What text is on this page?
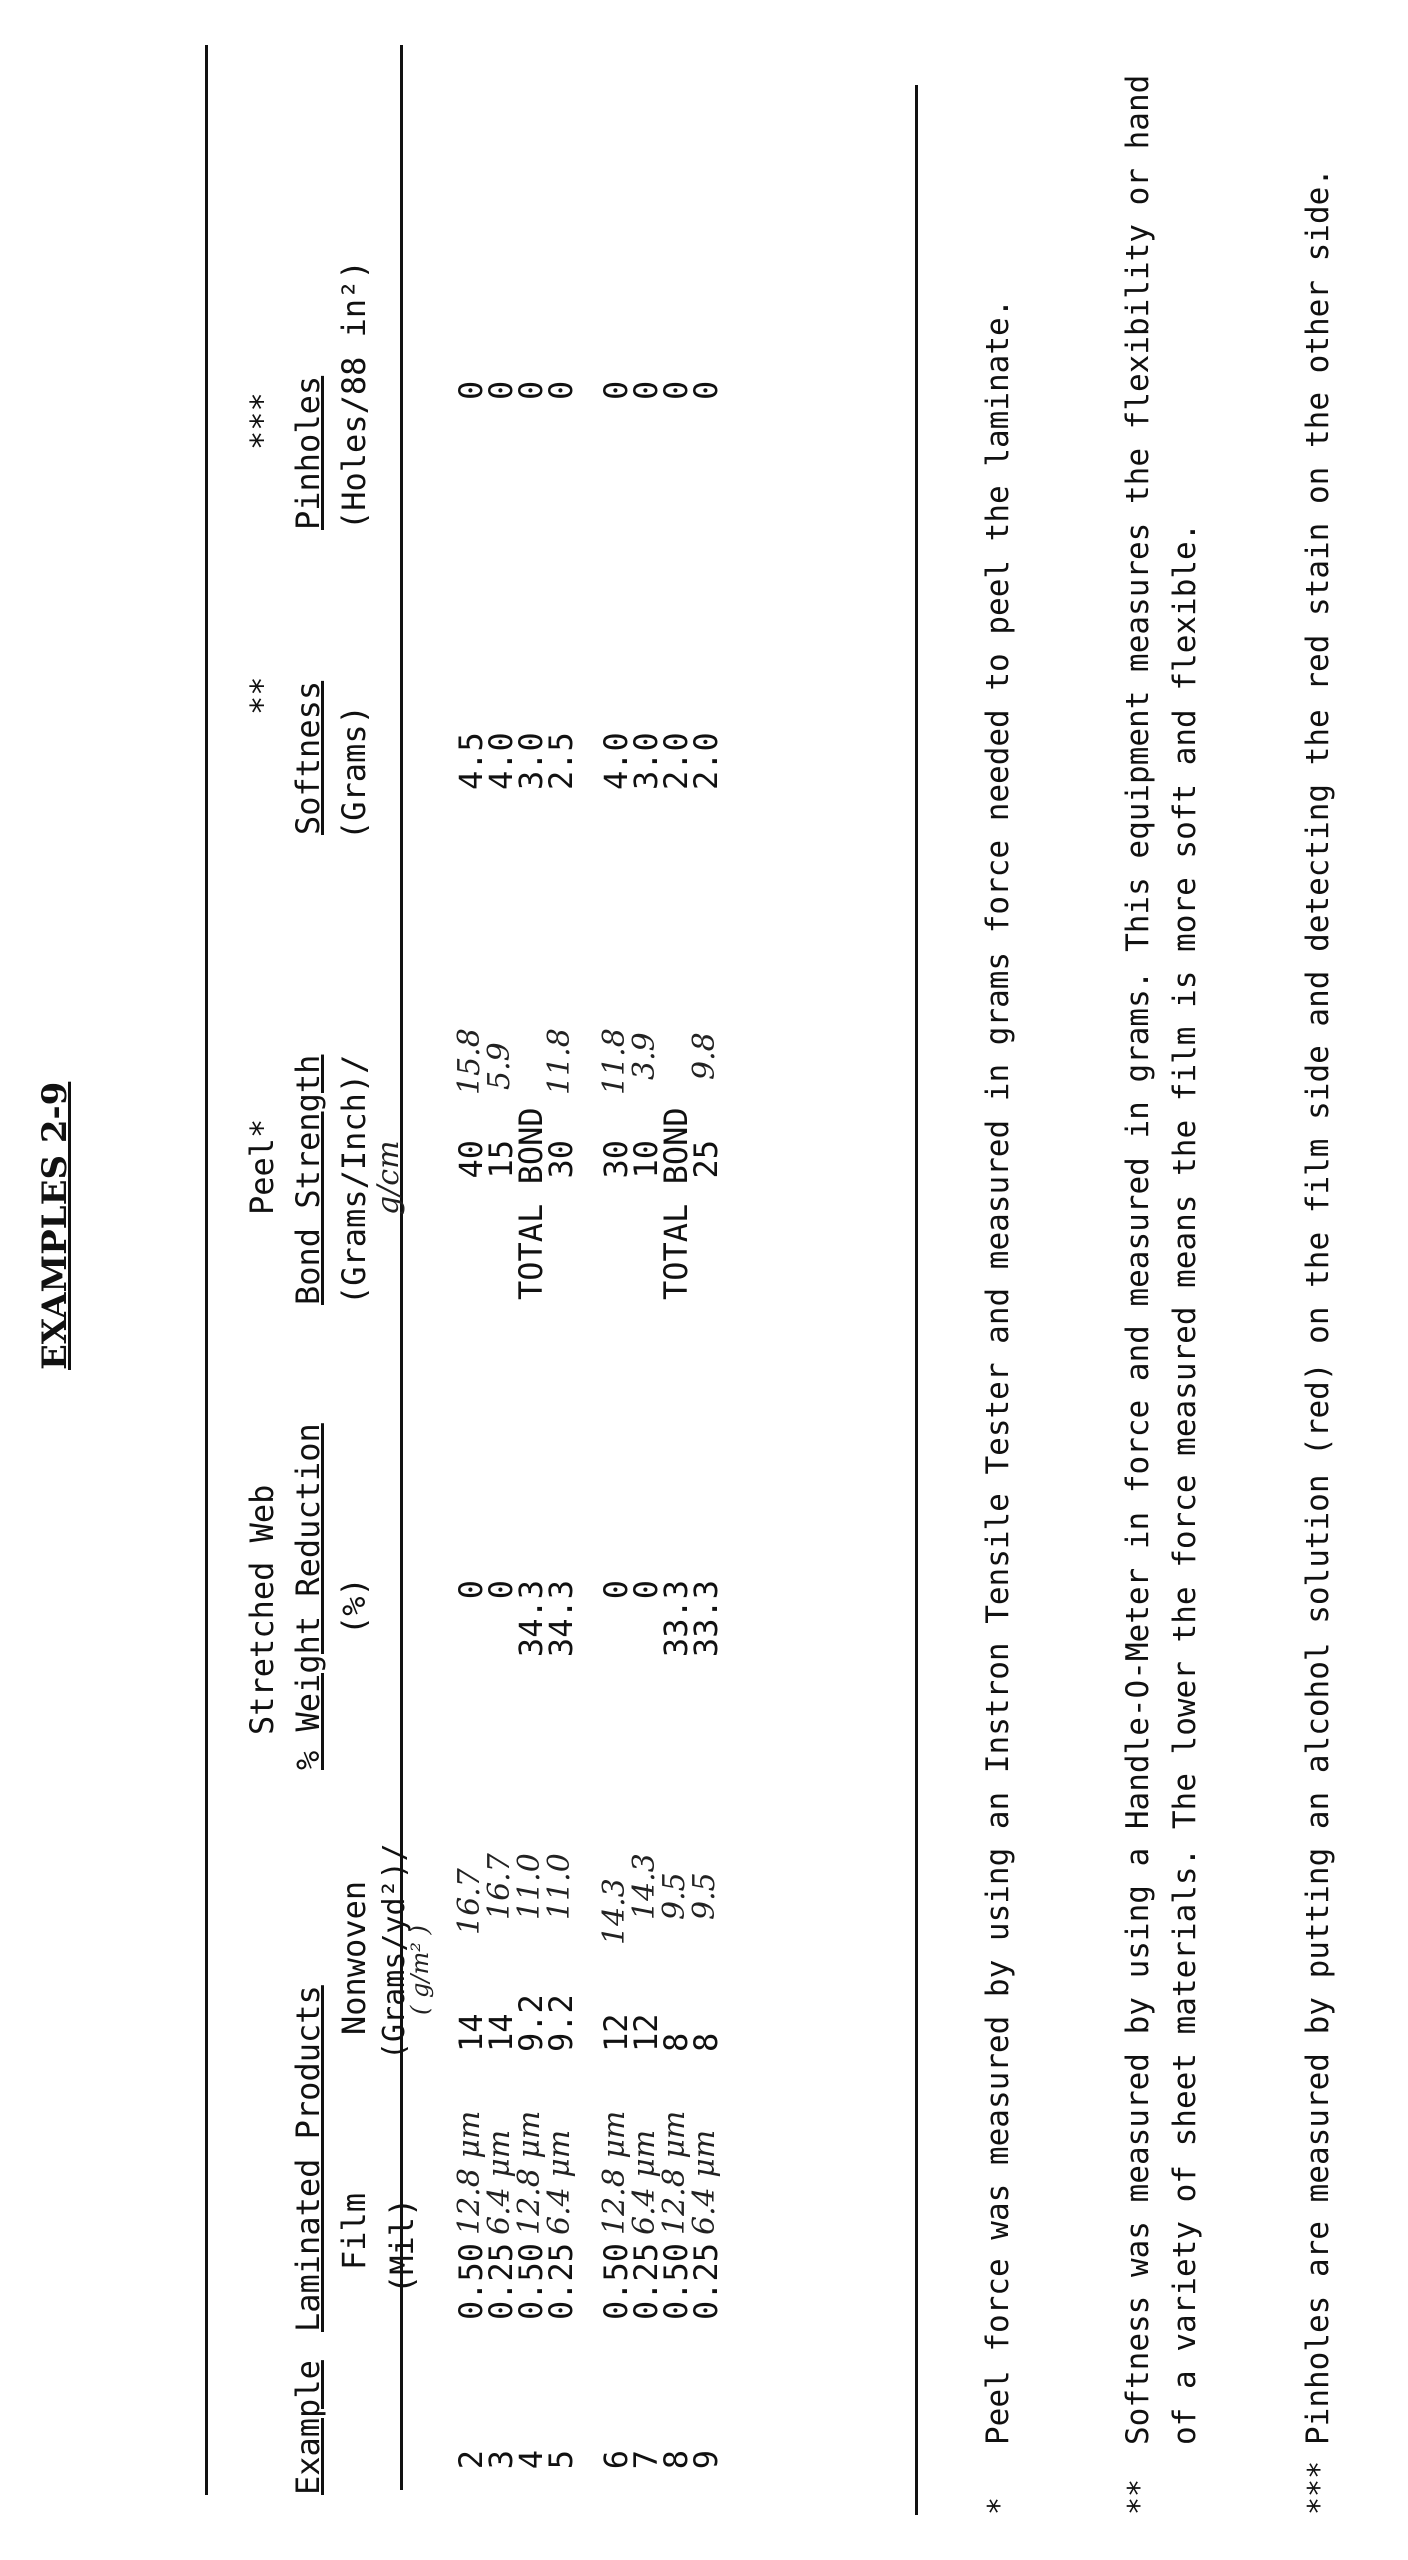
EXAMPLES 2-9
Example
Laminated Products Film (Mil)
Nonwoven (Grams/yd²)/
( g/m² )
Stretched Web % Weight Reduction (%)
Peel* Bond Strength (Grams/Inch)/
g/cm
** Softness (Grams)
*** Pinholes (Holes/88 in²)
2
0.50
12.8 μm
14
16.7
0
40
15.8
4.5
0
3
0.25
6.4 μm
14
16.7
0
15
5.9
4.0
0
4
0.50
12.8 μm
9.2
11.0
34.3
TOTAL BOND
3.0
0
5
0.25
6.4 μm
9.2
11.0
34.3
30
11.8
2.5
0
6
0.50
12.8 μm
12
14.3
0
30
11.8
4.0
0
7
0.25
6.4 μm
12
14.3
0
10
3.9
3.0
0
8
0.50
12.8 μm
8
9.5
33.3
TOTAL BOND
2.0
0
9
0.25
6.4 μm
8
9.5
33.3
25
9.8
2.0
0
*
Peel force was measured by using an Instron Tensile Tester and measured in grams force needed to peel the laminate.
**
Softness was measured by using a Handle-O-Meter in force and measured in grams. This equipment measures the flexibility or hand of a variety of sheet materials. The lower the force measured means the film is more soft and flexible.
***
Pinholes are measured by putting an alcohol solution (red) on the film side and detecting the red stain on the other side.
